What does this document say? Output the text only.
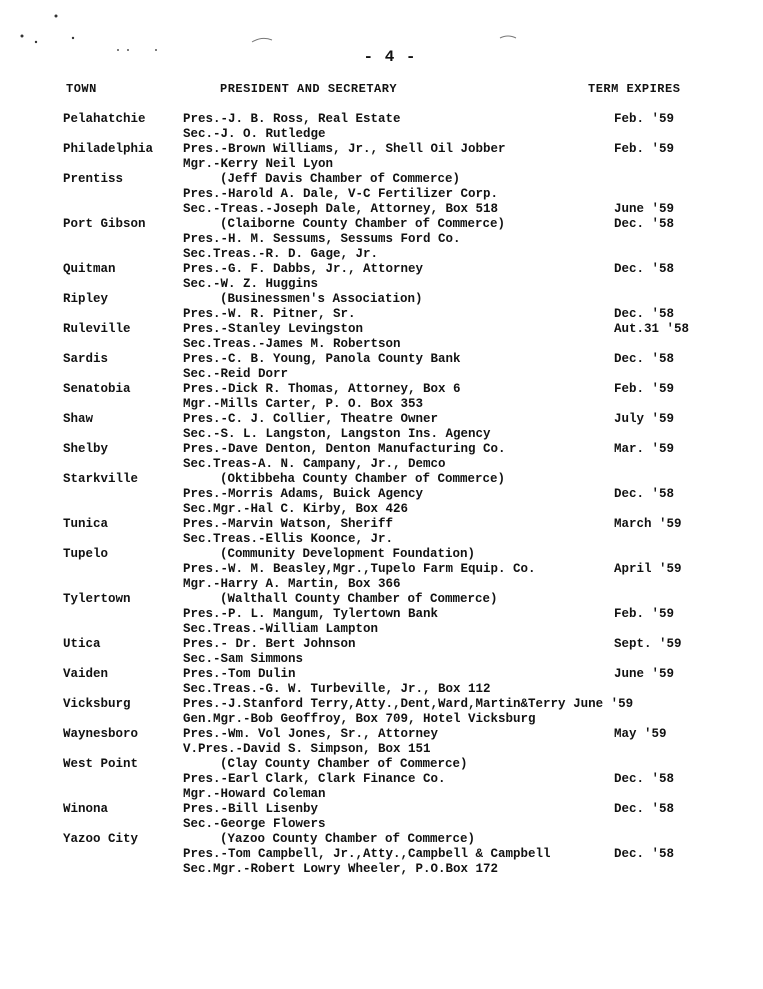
- 4 -
TOWN	PRESIDENT AND SECRETARY	TERM EXPIRES
Pelahatchie	Pres.-J. B. Ross, Real Estate	Feb. '59
Sec.-J. O. Rutledge
Philadelphia Pres.-Brown Williams, Jr., Shell Oil Jobber	Feb. '59
Mgr.-Kerry Neil Lyon
Prentiss	(Jeff Davis Chamber of Commerce)
Pres.-Harold A. Dale, V-C Fertilizer Corp.
Sec.-Treas.-Joseph Dale, Attorney, Box 518	June '59
Port Gibson	(Claiborne County Chamber of Commerce)	Dec. '58
Pres.-H. M. Sessums, Sessums Ford Co.
Sec.Treas.-R. D. Gage, Jr.
Quitman	Pres.-G. F. Dabbs, Jr., Attorney	Dec. '58
Sec.-W. Z. Huggins
Ripley	(Businessmen's Association)
Pres.-W. R. Pitner, Sr.	Dec. '58
Ruleville	Pres.-Stanley Levingston	Aut.31 '58
Sec.Treas.-James M. Robertson
Sardis	Pres.-C. B. Young, Panola County Bank	Dec. '58
Sec.-Reid Dorr
Senatobia	Pres.-Dick R. Thomas, Attorney, Box 6	Feb. '59
Mgr.-Mills Carter, P. O. Box 353
Shaw	Pres.-C. J. Collier, Theatre Owner	July '59
Sec.-S. L. Langston, Langston Ins. Agency
Shelby	Pres.-Dave Denton, Denton Manufacturing Co.	Mar. '59
Sec.Treas-A. N. Campany, Jr., Demco
Starkville	(Oktibbeha County Chamber of Commerce)
Pres.-Morris Adams, Buick Agency	Dec. '58
Sec.Mgr.-Hal C. Kirby, Box 426
Tunica	Pres.-Marvin Watson, Sheriff	March '59
Sec.Treas.-Ellis Koonce, Jr.
Tupelo	(Community Development Foundation)
Pres.-W. M. Beasley,Mgr.,Tupelo Farm Equip. Co.	April '59
Mgr.-Harry A. Martin, Box 366
Tylertown	(Walthall County Chamber of Commerce)
Pres.-P. L. Mangum, Tylertown Bank	Feb. '59
Sec.Treas.-William Lampton
Utica	Pres.- Dr. Bert Johnson	Sept. '59
Sec.-Sam Simmons
Vaiden	Pres.-Tom Dulin	June '59
Sec.Treas.-G. W. Turbeville, Jr., Box 112
Vicksburg	Pres.-J.Stanford Terry,Atty.,Dent,Ward,Martin&Terry June '59
Gen.Mgr.-Bob Geoffroy, Box 709, Hotel Vicksburg
Waynesboro	Pres.-Wm. Vol Jones, Sr., Attorney	May '59
V.Pres.-David S. Simpson, Box 151
West Point	(Clay County Chamber of Commerce)
Pres.-Earl Clark, Clark Finance Co.	Dec. '58
Mgr.-Howard Coleman
Winona	Pres.-Bill Lisenby	Dec. '58
Sec.-George Flowers
Yazoo City	(Yazoo County Chamber of Commerce)
Pres.-Tom Campbell, Jr.,Atty.,Campbell & Campbell	Dec. '58
Sec.Mgr.-Robert Lowry Wheeler, P.O.Box 172
